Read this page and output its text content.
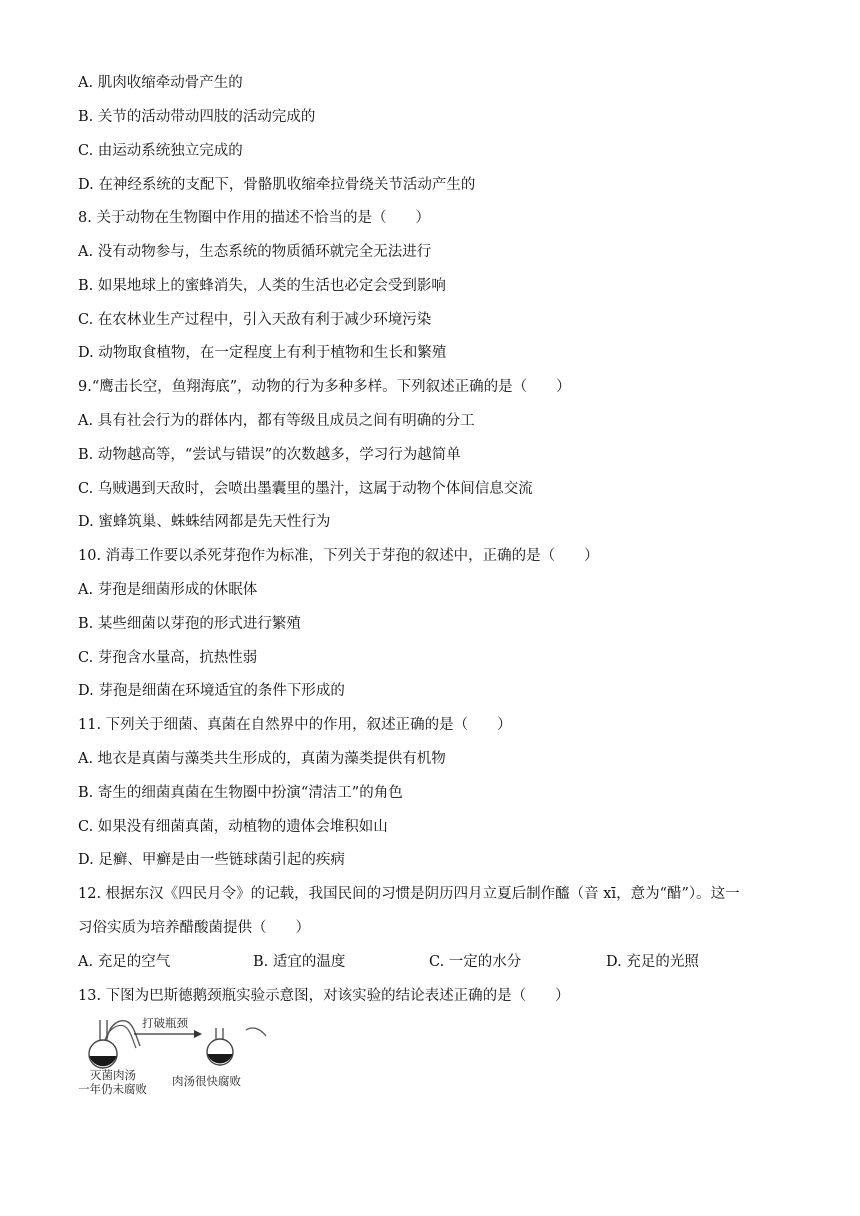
A. 肌肉收缩牵动骨产生的
B. 关节的活动带动四肢的活动完成的
C. 由运动系统独立完成的
D. 在神经系统的支配下，骨骼肌收缩牵拉骨绕关节活动产生的
8. 关于动物在生物圈中作用的描述不恰当的是（　　）
A. 没有动物参与，生态系统的物质循环就完全无法进行
B. 如果地球上的蜜蜂消失，人类的生活也必定会受到影响
C. 在农林业生产过程中，引入天敌有利于减少环境污染
D. 动物取食植物，在一定程度上有利于植物和生长和繁殖
9.“鹰击长空，鱼翔海底”，动物的行为多种多样。下列叙述正确的是（　　）
A. 具有社会行为的群体内，都有等级且成员之间有明确的分工
B. 动物越高等，“尝试与错误”的次数越多，学习行为越简单
C. 乌贼遇到天敌时，会喷出墨囊里的墨汁，这属于动物个体间信息交流
D. 蜜蜂筑巢、蛛蛛结网都是先天性行为
10. 消毒工作要以杀死芽孢作为标准，下列关于芽孢的叙述中，正确的是（　　）
A. 芽孢是细菌形成的休眠体
B. 某些细菌以芽孢的形式进行繁殖
C. 芽孢含水量高，抗热性弱
D. 芽孢是细菌在环境适宜的条件下形成的
11. 下列关于细菌、真菌在自然界中的作用，叙述正确的是（　　）
A. 地衣是真菌与藻类共生形成的，真菌为藻类提供有机物
B. 寄生的细菌真菌在生物圈中扮演“清洁工”的角色
C. 如果没有细菌真菌，动植物的遗体会堆积如山
D. 足癣、甲癣是由一些链球菌引起的疾病
12. 根据东汉《四民月令》的记载，我国民间的习惯是阴历四月立夏后制作醯（音 xī，意为“醋”）。这一
习俗实质为培养醋酸菌提供（　　）
A. 充足的空气	B. 适宜的温度	C. 一定的水分	D. 充足的光照
13. 下图为巴斯德鹅颈瓶实验示意图，对该实验的结论表述正确的是（　　）
打破瓶颈
灭菌肉汤
一年仍未腐败
肉汤很快腐败
